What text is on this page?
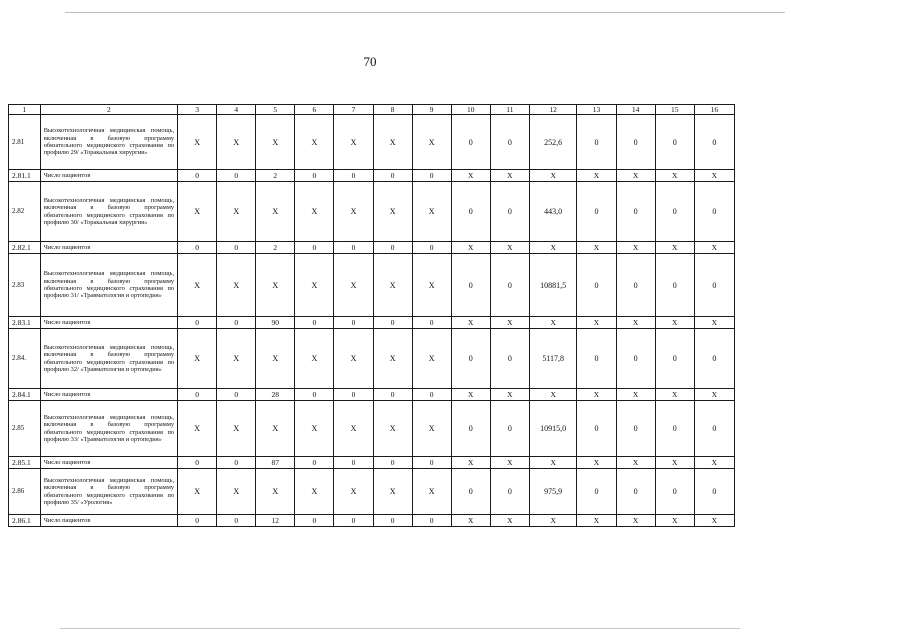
70
1	2	3	4	5	6	7	8	9	10	11	12	13	14	15	16
2.81	Высокотехнологичная медицинская помощь, включенная в базовую программу обязательного медицинского страхования по профилю 29/ «Торакальная хирургия»	X	X	X	X	X	X	X	0	0	252,6	0	0	0	0
2.81.1	Число пациентов	0	0	2	0	0	0	0	X	X	X	X	X	X	X
2.82	Высокотехнологичная медицинская помощь, включенная в базовую программу обязательного медицинского страхования по профилю 30/ «Торакальная хирургия»	X	X	X	X	X	X	X	0	0	443,0	0	0	0	0
2.82.1	Число пациентов	0	0	2	0	0	0	0	X	X	X	X	X	X	X
2.83	Высокотехнологичная медицинская помощь, включенная в базовую программу обязательного медицинского страхования по профилю 31/ «Травматология и ортопедия»	X	X	X	X	X	X	X	0	0	10881,5	0	0	0	0
2.83.1	Число пациентов	0	0	90	0	0	0	0	X	X	X	X	X	X	X
2.84.	Высокотехнологичная медицинская помощь, включенная в базовую программу обязательного медицинского страхования по профилю 32/ «Травматология и ортопедия»	X	X	X	X	X	X	X	0	0	5117,8	0	0	0	0
2.84.1	Число пациентов	0	0	28	0	0	0	0	X	X	X	X	X	X	X
2.85	Высокотехнологичная медицинская помощь, включенная в базовую программу обязательного медицинского страхования по профилю 33/ «Травматология и ортопедия»	X	X	X	X	X	X	X	0	0	10915,0	0	0	0	0
2.85.1	Число пациентов	0	0	87	0	0	0	0	X	X	X	X	X	X	X
2.86	Высокотехнологичная медицинская помощь, включенная в базовую программу обязательного медицинского страхования по профилю 35/ «Урология»	X	X	X	X	X	X	X	0	0	975,9	0	0	0	0
2.86.1	Число пациентов	0	0	12	0	0	0	0	X	X	X	X	X	X	X
